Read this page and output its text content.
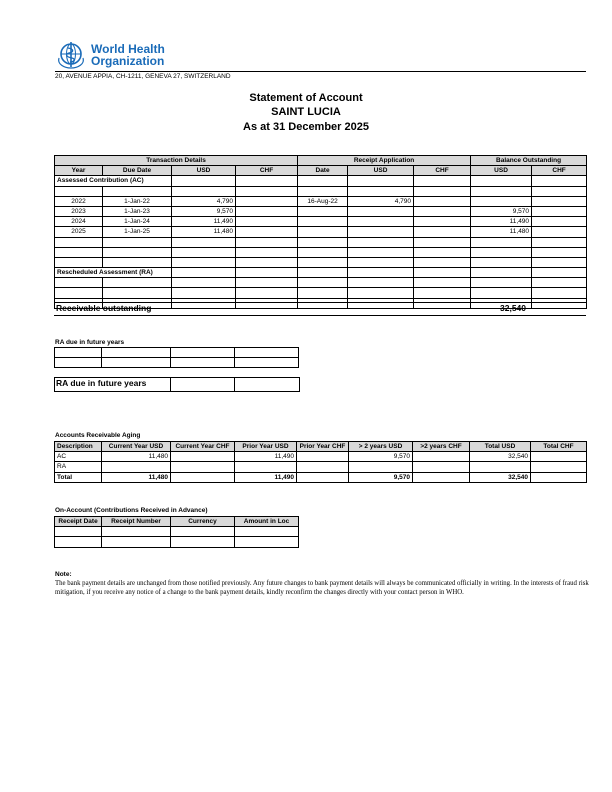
World Health
Organization
20, AVENUE APPIA, CH-1211, GENEVA 27, SWITZERLAND
Statement of Account
SAINT LUCIA
As at 31 December 2025
Transaction Details				Receipt Application			Balance Outstanding	
Year	Due Date	USD	CHF	Date	USD	CHF	USD	CHF
Assessed Contribution (AC)								

2022	1-Jan-22	4,790		16-Aug-22	4,790			
2023	1-Jan-23	9,570					9,570	
2024	1-Jan-24	11,490					11,490	
2025	1-Jan-25	11,480					11,480	

Rescheduled Assessment (RA)								

Receivable outstanding	32,540
RA due in future years

RA due in future years
Accounts Receivable Aging
Description	Current Year USD	Current Year CHF	Prior Year USD	Prior Year CHF	> 2 years USD	>2 years CHF	Total USD	Total CHF
AC	11,480		11,490		9,570		32,540	
RA								
Total	11,480		11,490		9,570		32,540	
On-Account (Contributions Received in Advance)
Receipt Date	Receipt Number	Currency	Amount in Loc

Note:
The bank payment details are unchanged from those notified previously. Any future changes to bank payment details will always be communicated officially in writing. In the interests of fraud risk mitigation, if you receive any notice of a change to the bank payment details, kindly reconfirm the changes directly with your contact person in WHO.
